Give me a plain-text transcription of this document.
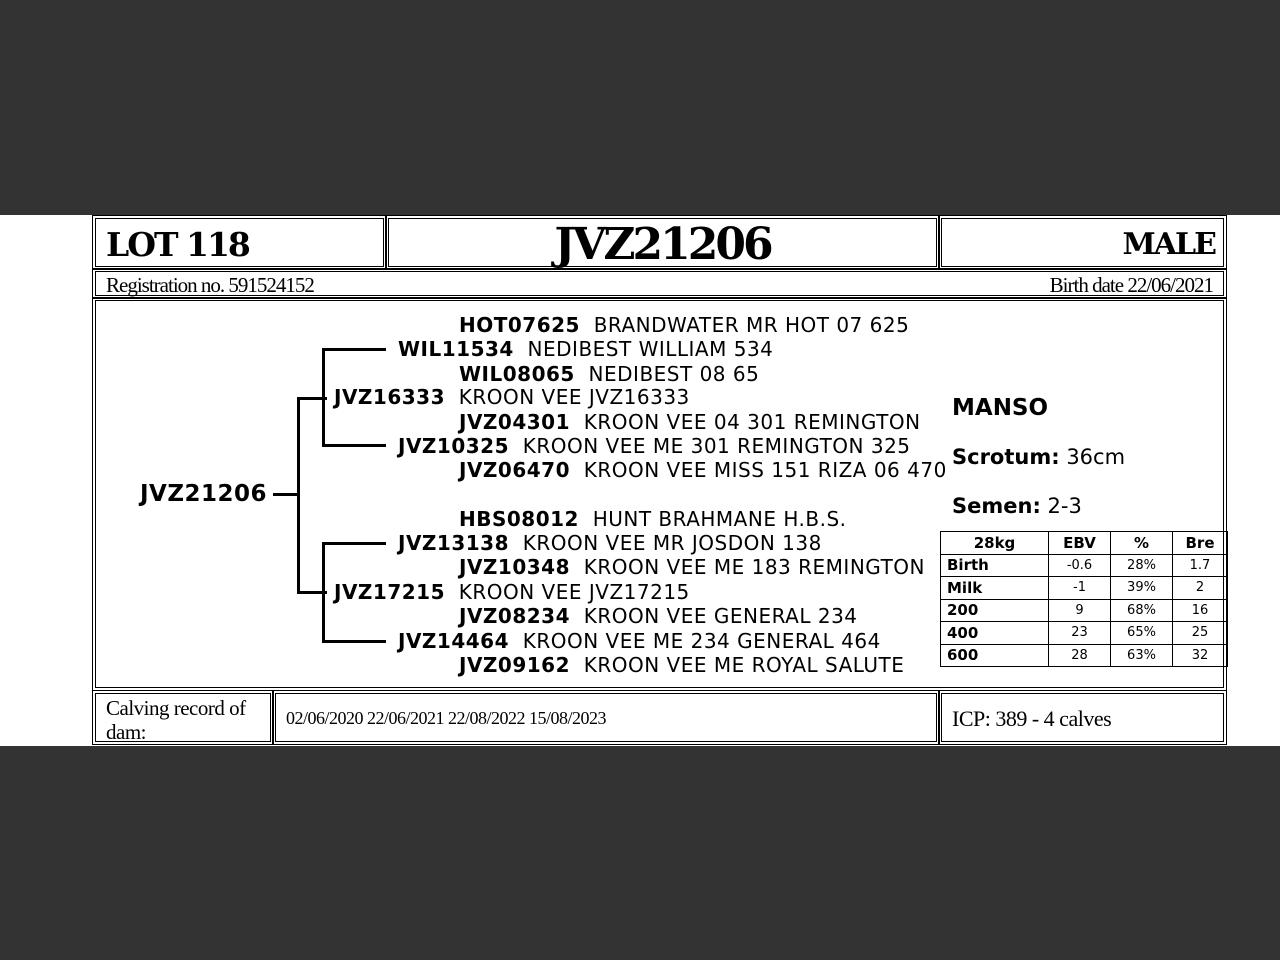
LOT 118	JVZ21206	MALE
Registration no. 591524152	Birth date 22/06/2021
JVZ21206
HOT07625 BRANDWATER MR HOT 07 625
WIL11534 NEDIBEST WILLIAM 534
WIL08065 NEDIBEST 08 65
JVZ16333 KROON VEE JVZ16333
JVZ04301 KROON VEE 04 301 REMINGTON
JVZ10325 KROON VEE ME 301 REMINGTON 325
JVZ06470 KROON VEE MISS 151 RIZA 06 470
HBS08012 HUNT BRAHMANE H.B.S.
JVZ13138 KROON VEE MR JOSDON 138
JVZ10348 KROON VEE ME 183 REMINGTON
JVZ17215 KROON VEE JVZ17215
JVZ08234 KROON VEE GENERAL 234
JVZ14464 KROON VEE ME 234 GENERAL 464
JVZ09162 KROON VEE ME ROYAL SALUTE
MANSO
Scrotum: 36cm
Semen: 2-3
28kg	EBV	%	Bre
Birth	-0.6	28%	1.7
Milk	-1	39%	2
200	9	68%	16
400	23	65%	25
600	28	63%	32
Calving record of dam:
02/06/2020 22/06/2021 22/08/2022 15/08/2023	ICP: 389 - 4 calves
